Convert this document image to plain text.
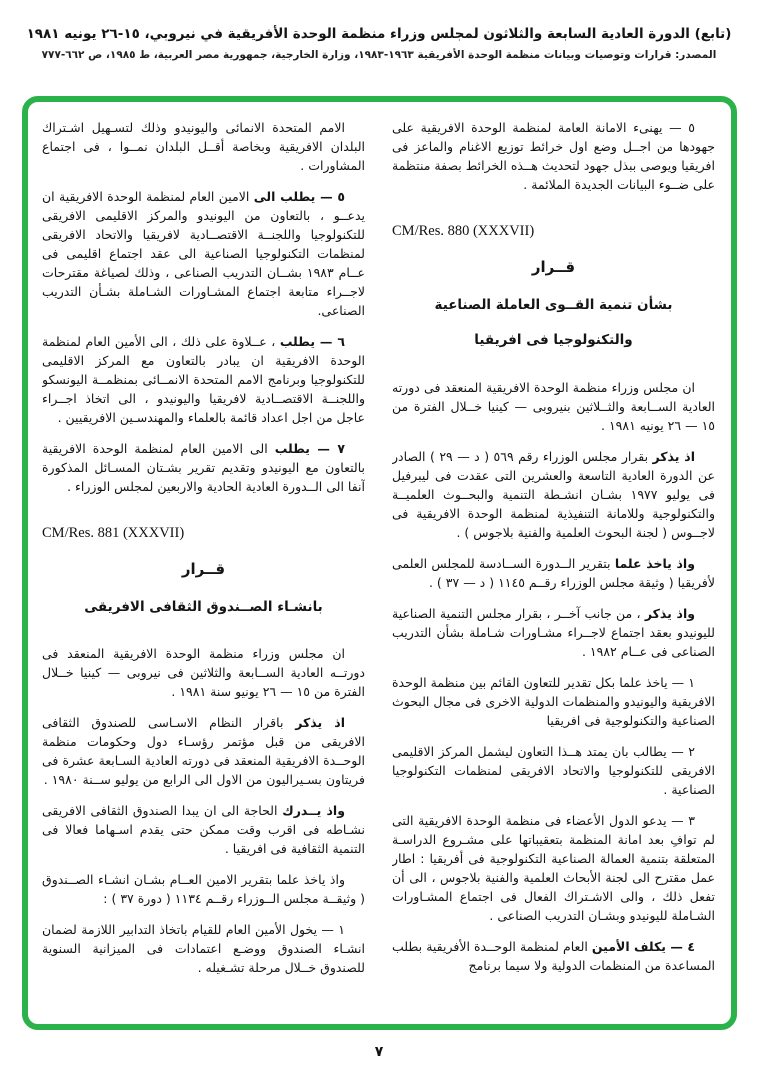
(تابع) الدورة العادية السابعة والثلاثون لمجلس وزراء منظمة الوحدة الأفريقية في نيروبي، ١٥-٢٦ يونيه ١٩٨١
المصدر: قرارات وتوصيات وبيانات منظمة الوحدة الأفريقية ١٩٦٣-١٩٨٣، وزارة الخارجية، جمهورية مصر العربية، ط ١٩٨٥، ص ٦٦٢-٧٧٧

٥ — يهنىء الامانة العامة لمنظمة الوحدة الافريقية على جهودها من اجــل وضع اول خرائط توزيع الاغنام والماعز فى افريقيا ويوصى ببذل جهود لتحديث هــذه الخرائط بصفة منتظمة على ضــوء البيانات الجديدة الملائمة .

CM/Res. 880 (XXXVII)
قــرار
بشأن تنمية القــوى العاملة الصناعية
والتكنولوجيا فى افريقيا

ان مجلس وزراء منظمة الوحدة الافريقية المنعقد فى دورته العادية الســابعة والثــلاثين بنيروبى — كينيا خــلال الفترة من ١٥ — ٢٦ يونيه ١٩٨١ .

اذ يذكر بقرار مجلس الوزراء رقم ٥٦٩ ( د — ٢٩ ) الصادر عن الدورة العادية التاسعة والعشرين التى عقدت فى ليبرفيل فى يوليو ١٩٧٧ بشـان انشـطة التنمية والبحــوث العلميــة والتكنولوجية وللامانة التنفيذية لمنظمة الوحدة الافريقية فى لاجــوس ( لجنة البحوث العلمية والفنية بلاجوس ) .

واذ ياخذ علما بتقرير الــدورة الســادسة للمجلس العلمى لأفريقيا ( وثيقة مجلس الوزراء رقــم ١١٤٥ ( د — ٣٧ ) .

واذ يذكر ، من جانب آخــر ، بقرار مجلس التنمية الصناعية لليونيدو بعقد اجتماع لاجــراء مشـاورات شـاملة بشأن التدريب الصناعى فى عــام ١٩٨٢ .

١ — ياخذ علما بكل تقدير للتعاون القائم بين منظمة الوحدة الافريقية واليونيدو والمنظمات الدولية الاخرى فى مجال البحوث الصناعية والتكنولوجية فى افريقيا

٢ — يطالب بان يمتد هــذا التعاون ليشمل المركز الاقليمى الافريقى للتكنولوجيا والاتحاد الافريقى لمنظمات التكنولوجيا الصناعية .

٣ — يدعو الدول الأعضاء فى منظمة الوحدة الافريقية التى لم توافِ بعد امانة المنظمة بتعقيباتها على مشـروع الدراسـة المتعلقة بتنمية العمالة الصناعية التكنولوجية فى أفريقيا : اطار عمل مقترح الى لجنة الأبحاث العلمية والفنية بلاجوس ، الى أن تفعل ذلك ، والى الاشـتراك الفعال فى اجتماع المشـاورات الشـاملة لليونيدو وبشـان التدريب الصناعى .

٤ — يكلف الأمين العام لمنظمة الوحــدة الأفريقية بطلب المساعدة من المنظمات الدولية ولا سيما برنامج

الامم المتحدة الانمائى واليونيدو وذلك لتسـهيل اشـتراك البلدان الافريقية وبخاصة أقــل البلدان نمــوا ، فى اجتماع المشاورات .

٥ — يطلب الى الامين العام لمنظمة الوحدة الافريقية ان يدعــو ، بالتعاون من اليونيدو والمركز الاقليمى الافريقى للتكنولوجيا واللجنــة الاقتصــادية لافريقيا والاتحاد الافريقى لمنظمات التكنولوجيا الصناعية الى عقد اجتماع اقليمى فى عــام ١٩٨٣ بشــان التدريب الصناعى ، وذلك لصياغة مقترحات لاجــراء متابعة اجتماع المشـاورات الشـاملة بشـأن التدريب الصناعى.

٦ — يطلب ، عــلاوة على ذلك ، الى الأمين العام لمنظمة الوحدة الافريقية ان يبادر بالتعاون مع المركز الاقليمى للتكنولوجيا وبرنامج الامم المتحدة الانمــائى بمنظمــة اليونسكو واللجنــة الاقتصــادية لافريقيا واليونيدو ، الى اتخاذ اجــراء عاجل من اجل اعداد قائمة بالعلماء والمهندسـين الافريقيين .

٧ — يطلب الى الامين العام لمنظمة الوحدة الافريقية بالتعاون مع اليونيدو وتقديم تقرير بشـتان المسـائل المذكورة آنفا الى الــدورة العادية الحادية والاربعين لمجلس الوزراء .

CM/Res. 881 (XXXVII)
قــرار
بانشـاء الصــندوق الثقافى الافريقى

ان مجلس وزراء منظمة الوحدة الافريقية المنعقد فى دورتــه العادية الســابعة والثلاثين فى نيروبى — كينيا خــلال الفترة من ١٥ — ٢٦ يونيو سنة ١٩٨١ .

اذ يذكر باقرار النظام الاسـاسى للصندوق الثقافى الافريقى من قبل مؤتمر رؤسـاء دول وحكومات منظمة الوحــدة الافريقية المنعقد فى دورته العادية السـابعة عشرة فى فريتاون بسـيراليون من الاول الى الرابع من يوليو ســنة ١٩٨٠ .

واذ يــدرك الحاجة الى ان يبدا الصندوق الثقافى الافريقى نشـاطه فى اقرب وقت ممكن حتى يقدم اسـهاما فعالا فى التنمية الثقافية فى افريقيا .

واذ ياخذ علما بتقرير الامين العــام بشـان انشـاء الصــندوق ( وثيقــة مجلس الــوزراء رقــم ١١٣٤ ( دورة ٣٧ ) :

١ — يخول الأمين العام للقيام باتخاذ التدابير اللازمة لضمان انشـاء الصندوق ووضـع اعتمادات فى الميزانية السنوية للصندوق خــلال مرحلة تشـغيله .

٧
